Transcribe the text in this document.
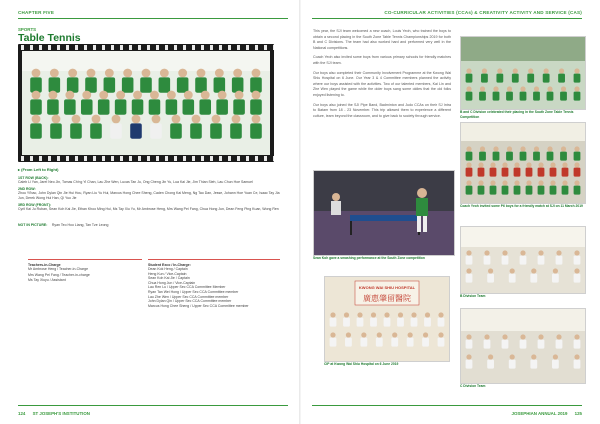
CHAPTER FIVE	CO-CURRICULAR ACTIVITIES (CCAs) & CREATIVITY ACTIVITY AND SERVICE (CAS)
SPORTS
Table Tennis
▸ (From Left to Right)
1ST ROW (BACK):
Caleb Li Yan, Jarel Neo Jin, Tomas Ch'ng Yi Chan, Lau Zhe Wen, Lucas Tan Ju, Ong Cheng Jin Yu, Lua Kai Jie, Jim Thian Sieh, Lau Chun Hoe Samuel
2ND ROW:
Zhou Yi'bao, John Dylan Qin Jie Hui Hou, Ryan Liu Yu Hui, Marcus Hong Chee Sheng, Caden Chong Kai Meng, Ng Tao Dan, Jesse, Johann Hoe Yuan Ce, Isaac Tay Jia Jun, Derek Wong Hui Han, Qi Yuo Jie
3RD ROW (FRONT):
Cyril Kai Ju Ruban, Sean Koh Kai Jie, Ethan Khoo Ming Hui, Ms Tay Xiu Yu, Mr Ambrose Heng, Mrs Wang Pei Fang, Chua Hong Jun, Dean Feng Ping Kuan, Wong Ren
NOT IN PICTURE: Ryan Teo Hoo Liang, Tan Tze Leong
Teachers-in-Charge
Mr Ambrose Heng / Teacher-in-Charge
Mrs Wang Pei Fang / Teacher-in-charge
Ms Tay Xiuyu / Assistant
Student Exco / In-Charge:
Dean Kok Heng / Captain
Heng Kun / Vice-Captain
Sean Koh Kai Jie / Captain
Chua Hong Jun / Vice-Captain
Lau Ren Lu / Upper Sec CCA Committee Member
Ryan Tan Wei Hong / Upper Sec CCA Committee member
Lau Zhe Wen / Upper Sec CCA Committee member
John Dylan Qin / Upper Sec CCA Committee member
Marcus Hong Chee Sheng / Upper Sec CCA Committee member

This year, the SJI team welcomed a new coach, Louis Yeoh, who trained the boys to obtain a second placing in the South Zone Table Tennis Championships 2019 for both B and C Divisions. The team had also worked hard and performed very well in the National competitions.

Coach Yeoh also invited some boys from various primary schools for friendly matches with the SJI team.

Our boys also completed their Community Involvement Programme at the Kwong Wai Shiu Hospital on 6 June. Our Year 3 & 4 Committee members planned the activity where our boys assisted with the activities. Two of our talented members, Kai Lin and Zhe Wen played the game while the older boys sang some oldies that the old folks enjoyed listening to.

Our boys also joined the SJI Pipe Band, Badminton and Judo CCAs on their SJ Intra to Batam from 18 - 23 November. This trip allowed them to experience a different culture, learn beyond the classroom, and to give back to society through service.

B and C Division celebrated their placing in the South Zone Table Tennis Competition
Coach Yeoh invited some P6 boys for a friendly match at SJI on 11 March 2019
Sean Koh gave a smashing performance at the South Zone competition
B Division Team
KWONG WAI SHIU HOSPITAL
廣惠肇留醫院
CIP at Kwong Wai Shiu Hospital on 6 June 2019
C Division Team
124 ST JOSEPH'S INSTITUTION	JOSEPHIAN ANNUAL 2019 125
